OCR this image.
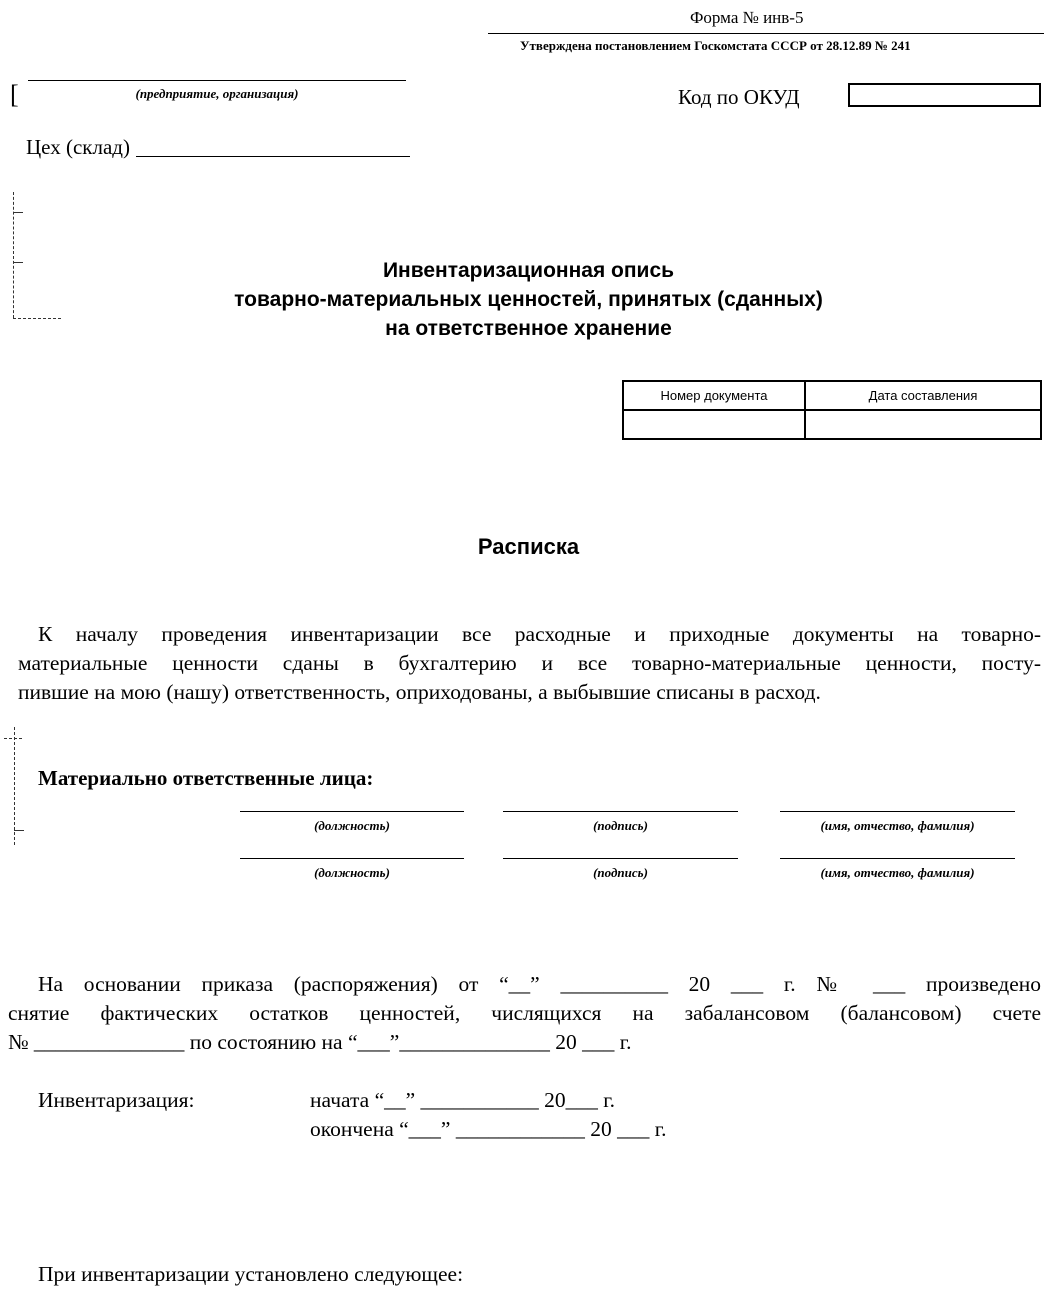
Форма № инв-5
Утверждена постановлением Госкомстата СССР от 28.12.89 № 241
(предприятие, организация)
[	Код по ОКУД
Цех (склад)
Инвентаризационная опись
товарно-материальных ценностей, принятых (сданных)
на ответственное хранение
Номер документа	Дата составления
Расписка
К началу проведения инвентаризации все расходные и приходные документы на товарно-
материальные ценности сданы в бухгалтерию и все товарно-материальные ценности, посту-
пившие на мою (нашу) ответственность, оприходованы, а выбывшие списаны в расход.
Материально ответственные лица:
(должность)	(подпись)	(имя, отчество, фамилия)
(должность)	(подпись)	(имя, отчество, фамилия)
На основании приказа (распоряжения) от “__” __________ 20 ___ г. № ___ произведено
снятие фактических остатков ценностей, числящихся на забалансовом (балансовом) счете
№ ______________ по состоянию на “___”______________ 20 ___ г.
Инвентаризация:	начата “__” ___________ 20___ г.
окончена “___” ____________ 20 ___ г.
При инвентаризации установлено следующее:
